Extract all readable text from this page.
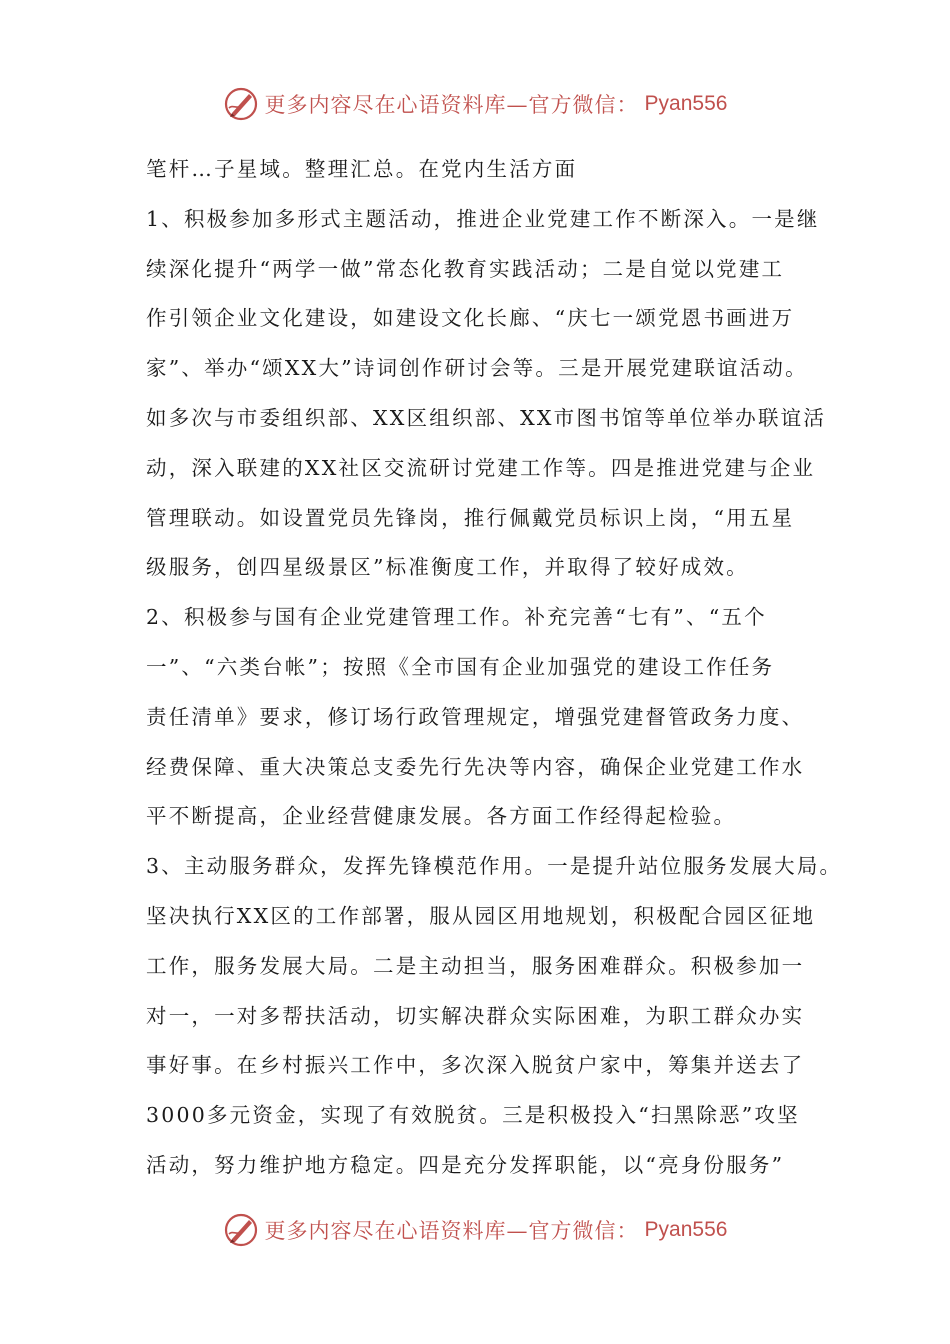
更多内容尽在心语资料库—官方微信： Pyan556
笔杆…子星域。整理汇总。在党内生活方面
1、积极参加多形式主题活动，推进企业党建工作不断深入。一是继
续深化提升“两学一做”常态化教育实践活动；二是自觉以党建工
作引领企业文化建设，如建设文化长廊、“庆七一颂党恩书画进万
家”、举办“颂XX大”诗词创作研讨会等。三是开展党建联谊活动。
如多次与市委组织部、XX区组织部、XX市图书馆等单位举办联谊活
动，深入联建的XX社区交流研讨党建工作等。四是推进党建与企业
管理联动。如设置党员先锋岗，推行佩戴党员标识上岗，“用五星
级服务，创四星级景区”标准衡度工作，并取得了较好成效。
2、积极参与国有企业党建管理工作。补充完善“七有”、“五个
一”、“六类台帐”；按照《全市国有企业加强党的建设工作任务
责任清单》要求，修订场行政管理规定，增强党建督管政务力度、
经费保障、重大决策总支委先行先决等内容，确保企业党建工作水
平不断提高，企业经营健康发展。各方面工作经得起检验。
3、主动服务群众，发挥先锋模范作用。一是提升站位服务发展大局。
坚决执行XX区的工作部署，服从园区用地规划，积极配合园区征地
工作，服务发展大局。二是主动担当，服务困难群众。积极参加一
对一，一对多帮扶活动，切实解决群众实际困难，为职工群众办实
事好事。在乡村振兴工作中，多次深入脱贫户家中，筹集并送去了
3000多元资金，实现了有效脱贫。三是积极投入“扫黑除恶”攻坚
活动，努力维护地方稳定。四是充分发挥职能，以“亮身份服务”
更多内容尽在心语资料库—官方微信： Pyan556
